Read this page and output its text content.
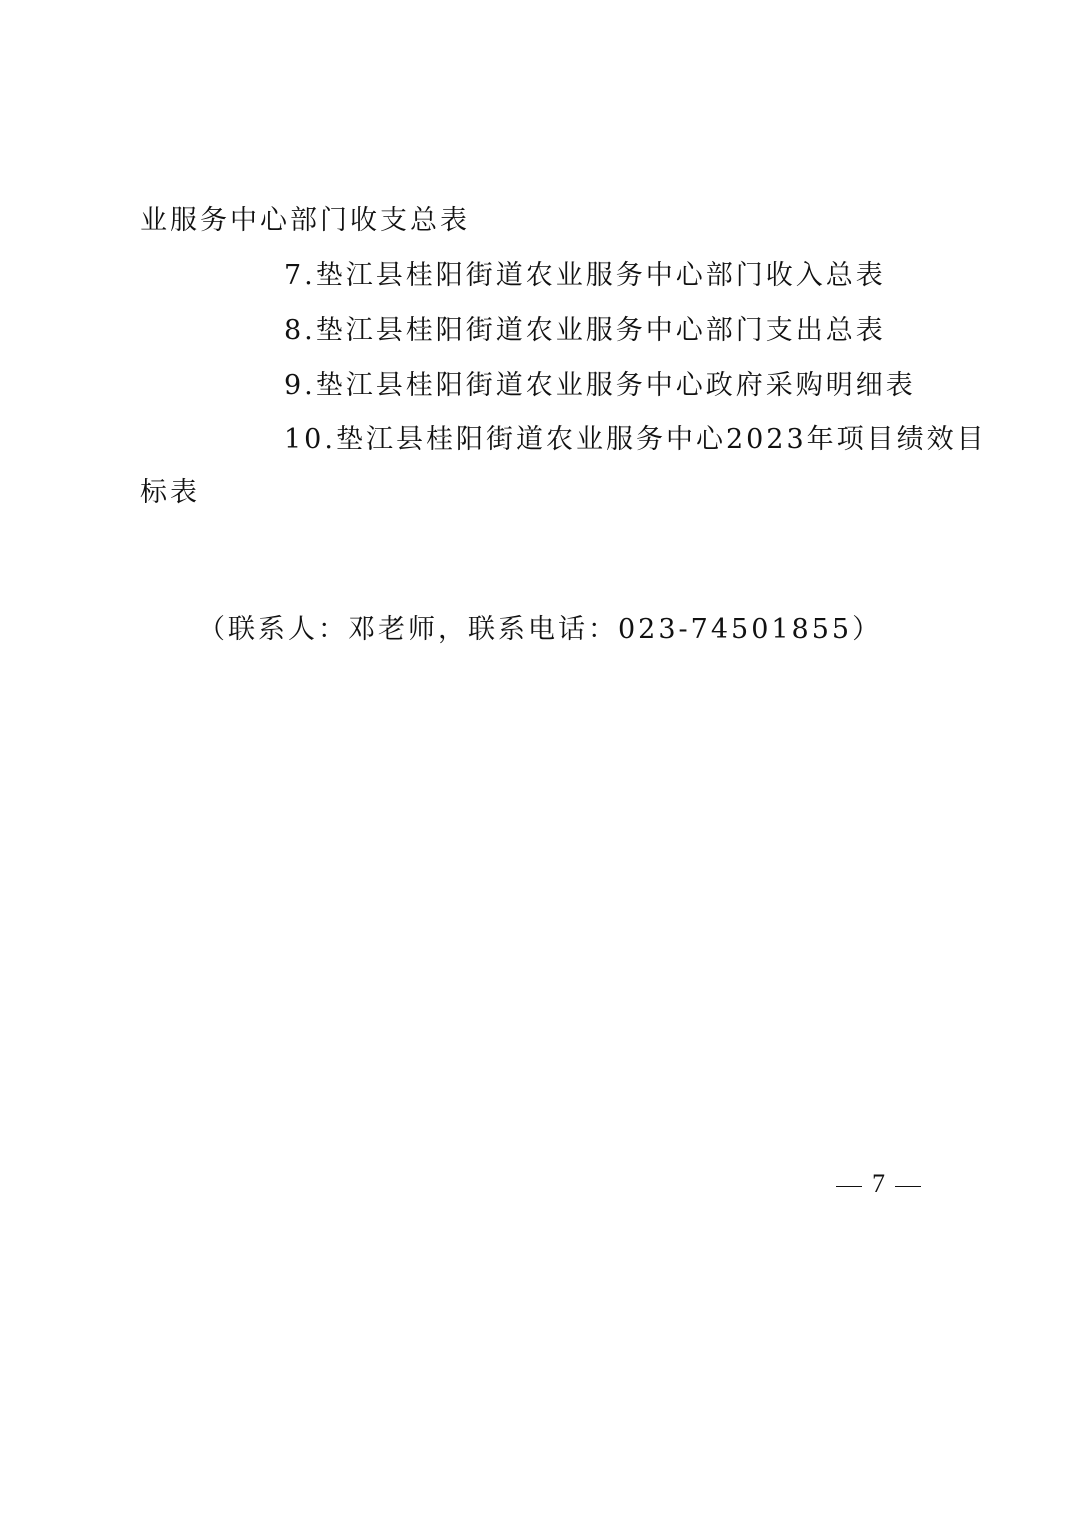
业服务中心部门收支总表
7.垫江县桂阳街道农业服务中心部门收入总表
8.垫江县桂阳街道农业服务中心部门支出总表
9.垫江县桂阳街道农业服务中心政府采购明细表
10.垫江县桂阳街道农业服务中心2023年项目绩效目
标表
（联系人：邓老师，联系电话：023-74501855）
7
